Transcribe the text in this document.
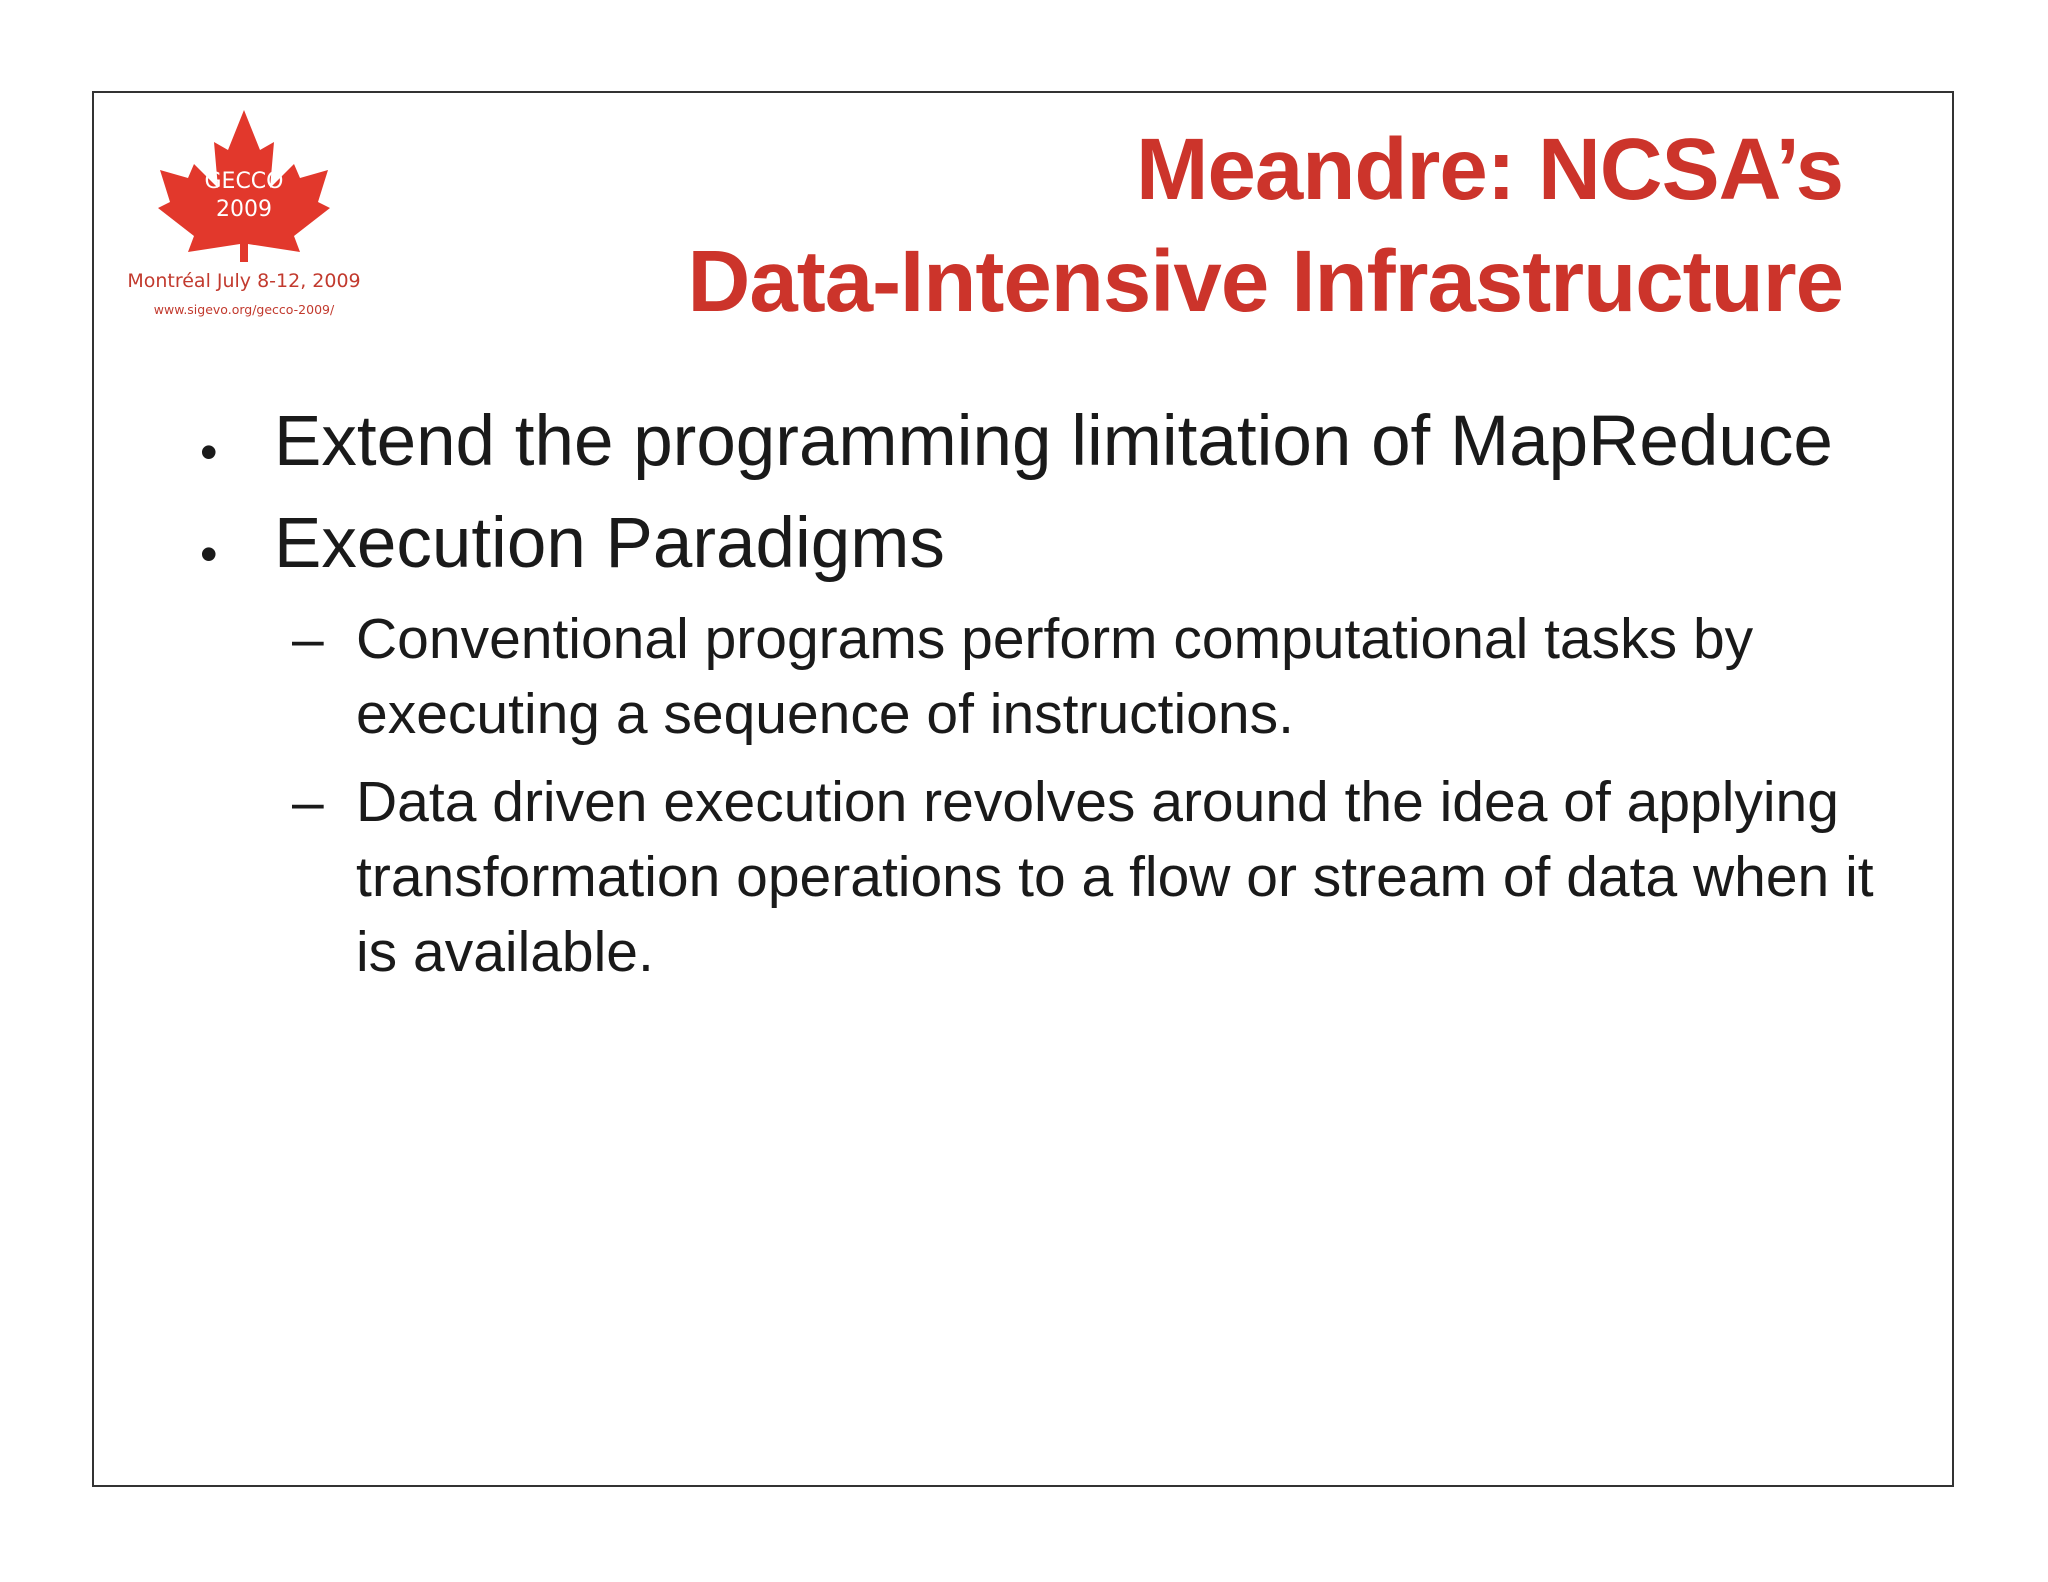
GECCO
2009
Montréal July 8-12, 2009
www.sigevo.org/gecco-2009/
Meandre: NCSA’s
Data-Intensive Infrastructure
• Extend the programming limitation of MapReduce
• Execution Paradigms
– Conventional programs perform computational tasks by executing a sequence of instructions.
– Data driven execution revolves around the idea of applying transformation operations to a flow or stream of data when it is available.
